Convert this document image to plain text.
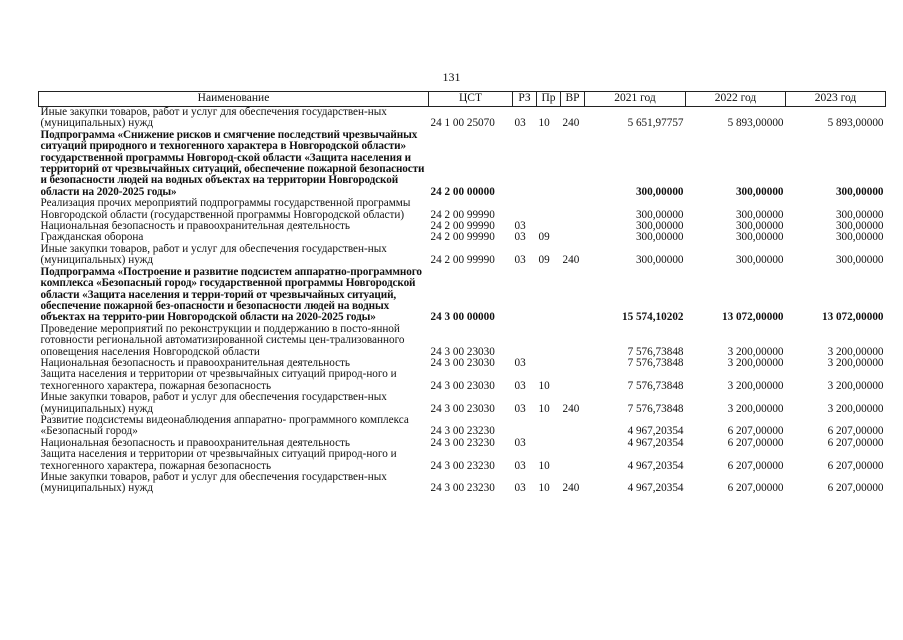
131
Наименование	ЦСТ	РЗ	Пр	ВР	2021 год	2022 год	2023 год
Иные закупки товаров, работ и услуг для обеспечения государствен-ных (муниципальных) нужд	24 1 00 25070	03	10	240	5 651,97757	5 893,00000	5 893,00000
Подпрограмма «Снижение рисков и смягчение последствий чрезвычайных ситуаций природного и техногенного характера в Новгородской области» государственной программы Новгород-ской области «Защита населения и территорий от чрезвычайных ситуаций, обеспечение пожарной безопасности и безопасности людей на водных объектах на территории Новгородской области на 2020-2025 годы»	24 2 00 00000				300,00000	300,00000	300,00000
Реализация прочих мероприятий подпрограммы государственной программы Новгородской области (государственной программы Новгородской области)	24 2 00 99990				300,00000	300,00000	300,00000
Национальная безопасность и правоохранительная деятельность	24 2 00 99990	03			300,00000	300,00000	300,00000
Гражданская оборона	24 2 00 99990	03	09		300,00000	300,00000	300,00000
Иные закупки товаров, работ и услуг для обеспечения государствен-ных (муниципальных) нужд	24 2 00 99990	03	09	240	300,00000	300,00000	300,00000
Подпрограмма «Построение и развитие подсистем аппаратно-программного комплекса «Безопасный город» государственной программы Новгородской области «Защита населения и терри-торий от чрезвычайных ситуаций, обеспечение пожарной без-опасности и безопасности людей на водных объектах на террито-рии Новгородской области на 2020-2025 годы»	24 3 00 00000				15 574,10202	13 072,00000	13 072,00000
Проведение мероприятий по реконструкции и поддержанию в посто-янной готовности региональной автоматизированной системы цен-трализованного оповещения населения Новгородской области	24 3 00 23030				7 576,73848	3 200,00000	3 200,00000
Национальная безопасность и правоохранительная деятельность	24 3 00 23030	03			7 576,73848	3 200,00000	3 200,00000
Защита населения и территории от чрезвычайных ситуаций природ-ного и техногенного характера, пожарная безопасность	24 3 00 23030	03	10		7 576,73848	3 200,00000	3 200,00000
Иные закупки товаров, работ и услуг для обеспечения государствен-ных (муниципальных) нужд	24 3 00 23030	03	10	240	7 576,73848	3 200,00000	3 200,00000
Развитие подсистемы видеонаблюдения аппаратно- программного комплекса «Безопасный город»	24 3 00 23230				4 967,20354	6 207,00000	6 207,00000
Национальная безопасность и правоохранительная деятельность	24 3 00 23230	03			4 967,20354	6 207,00000	6 207,00000
Защита населения и территории от чрезвычайных ситуаций природ-ного и техногенного характера, пожарная безопасность	24 3 00 23230	03	10		4 967,20354	6 207,00000	6 207,00000
Иные закупки товаров, работ и услуг для обеспечения государствен-ных (муниципальных) нужд	24 3 00 23230	03	10	240	4 967,20354	6 207,00000	6 207,00000
